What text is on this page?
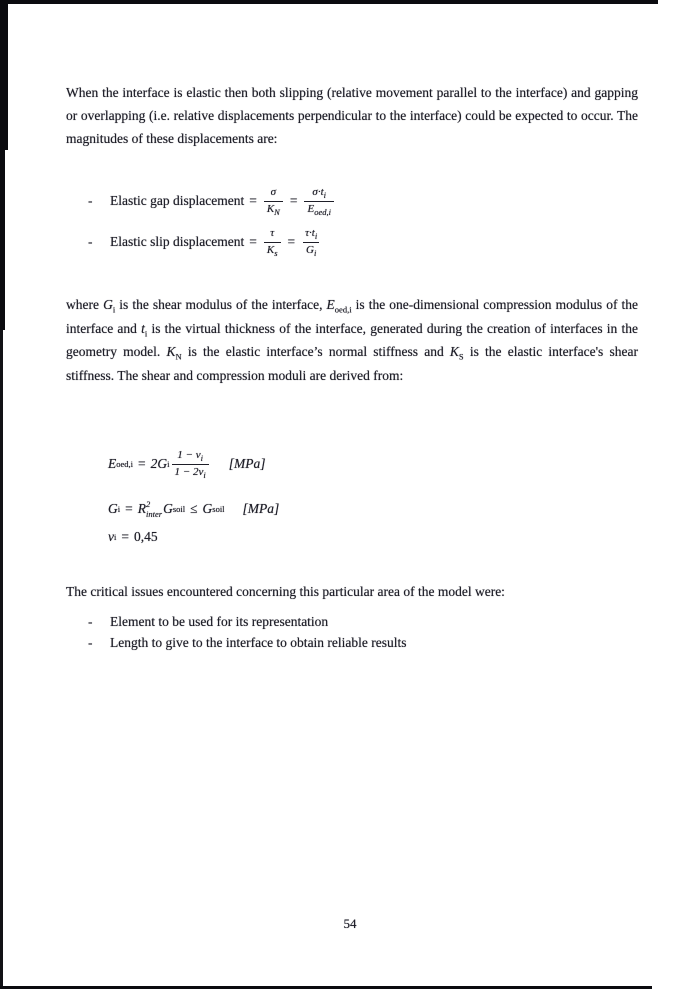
When the interface is elastic then both slipping (relative movement parallel to the interface) and gapping or overlapping (i.e. relative displacements perpendicular to the interface) could be expected to occur. The magnitudes of these displacements are:

-	Elastic gap displacement = $\frac{\sigma}{K_N} = \frac{\sigma\cdot t_i}{E_{oed,i}}$
-	Elastic slip displacement = $\frac{\tau}{K_s} = \frac{\tau\cdot t_i}{G_i}$

where $G_i$ is the shear modulus of the interface, $E_{oed,i}$ is the one-dimensional compression modulus of the interface and $t_i$ is the virtual thickness of the interface, generated during the creation of interfaces in the geometry model. $K_N$ is the elastic interface’s normal stiffness and $K_S$ is the elastic interface's shear stiffness. The shear and compression moduli are derived from:

E oed,i = 2G i $\frac{1 - v_i}{1 - 2v_i} [MPa]$
G i = R 2
inter G soil ≤ G soil [MPa]
v i = 0,45

The critical issues encountered concerning this particular area of the model were:

- Element to be used for its representation
- Length to give to the interface to obtain reliable results
54
